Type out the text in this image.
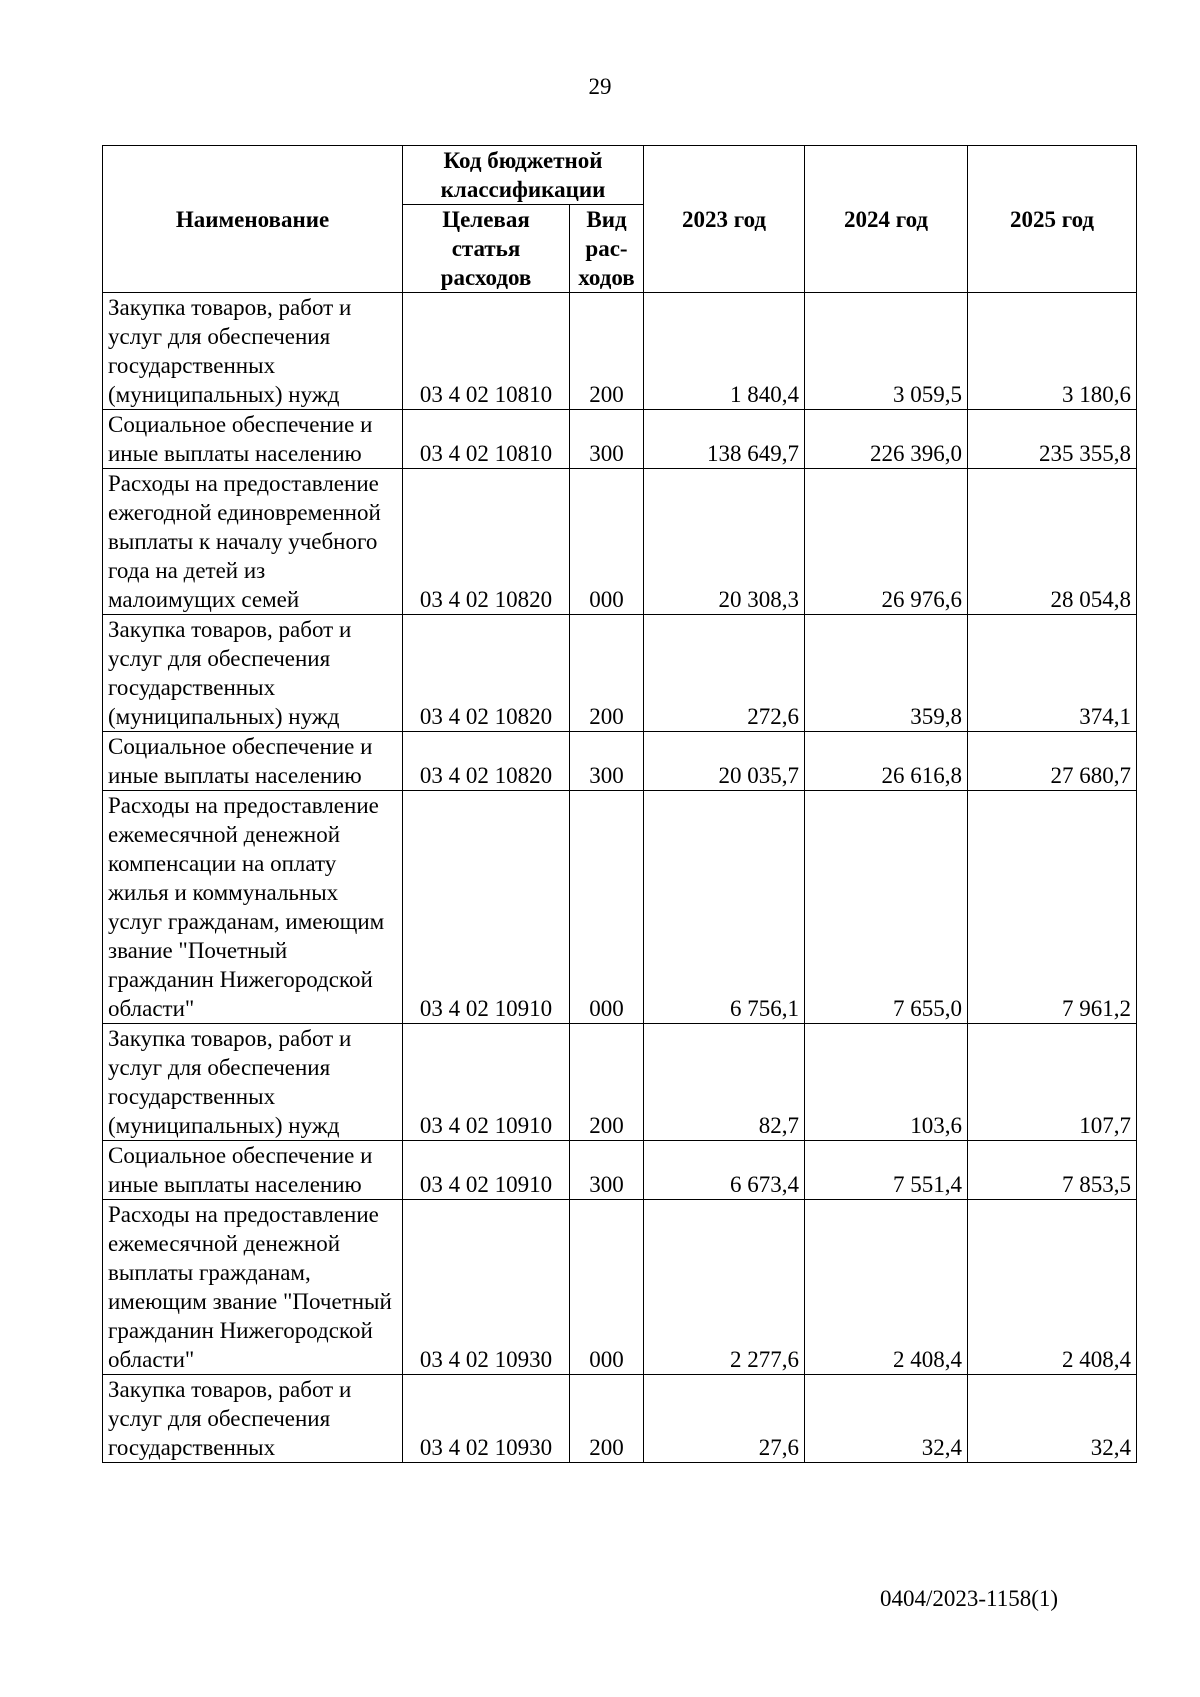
29
Наименование	Код бюджетной классификации		2023 год	2024 год	2025 год
	Целевая статья расходов	Вид рас-ходов			
Закупка товаров, работ и услуг для обеспечения государственных (муниципальных) нужд	03 4 02 10810	200	1 840,4	3 059,5	3 180,6
Социальное обеспечение и иные выплаты населению	03 4 02 10810	300	138 649,7	226 396,0	235 355,8
Расходы на предоставление ежегодной единовременной выплаты к началу учебного года на детей из малоимущих семей	03 4 02 10820	000	20 308,3	26 976,6	28 054,8
Закупка товаров, работ и услуг для обеспечения государственных (муниципальных) нужд	03 4 02 10820	200	272,6	359,8	374,1
Социальное обеспечение и иные выплаты населению	03 4 02 10820	300	20 035,7	26 616,8	27 680,7
Расходы на предоставление ежемесячной денежной компенсации на оплату жилья и коммунальных услуг гражданам, имеющим звание "Почетный гражданин Нижегородской области"	03 4 02 10910	000	6 756,1	7 655,0	7 961,2
Закупка товаров, работ и услуг для обеспечения государственных (муниципальных) нужд	03 4 02 10910	200	82,7	103,6	107,7
Социальное обеспечение и иные выплаты населению	03 4 02 10910	300	6 673,4	7 551,4	7 853,5
Расходы на предоставление ежемесячной денежной выплаты гражданам, имеющим звание "Почетный гражданин Нижегородской области"	03 4 02 10930	000	2 277,6	2 408,4	2 408,4
Закупка товаров, работ и услуг для обеспечения государственных	03 4 02 10930	200	27,6	32,4	32,4
0404/2023-1158(1)
